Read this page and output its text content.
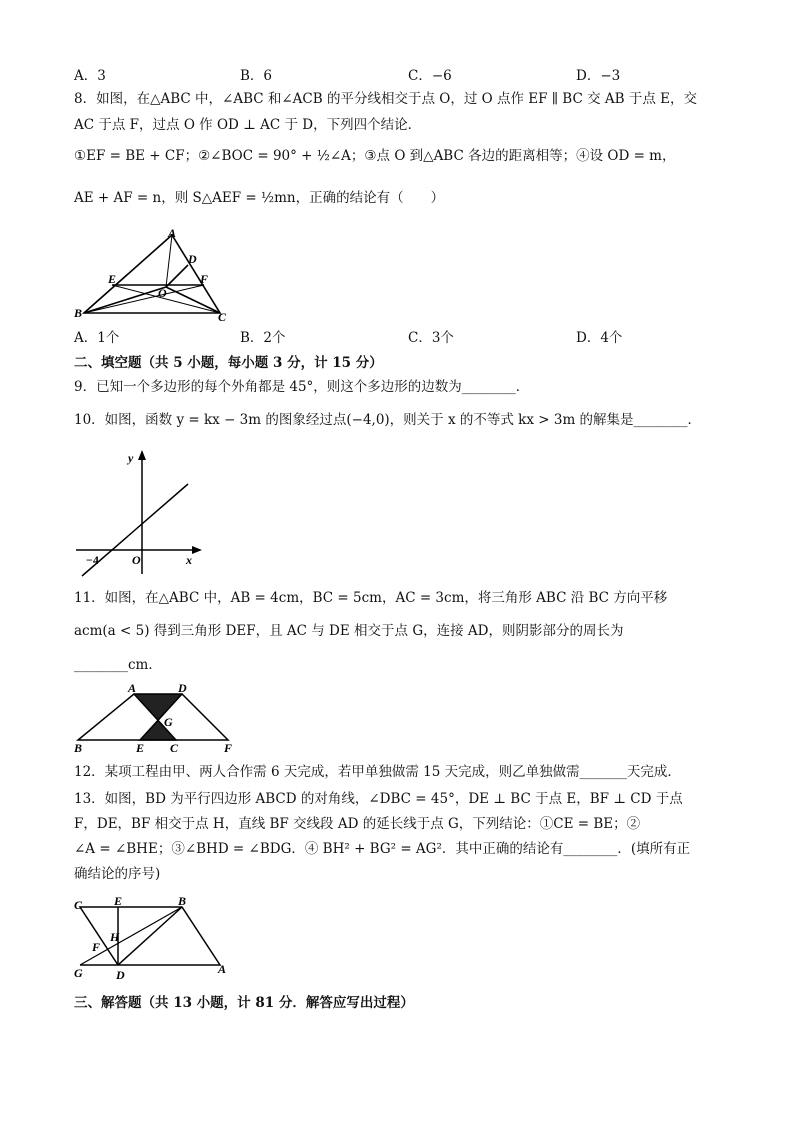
A．3	B．6	C．−6	D．−3
8．如图，在△ABC 中，∠ABC 和∠ACB 的平分线相交于点 O，过 O 点作 EF ∥ BC 交 AB 于点 E，交
AC 于点 F，过点 O 作 OD ⊥ AC 于 D，下列四个结论．
①EF = BE + CF；②∠BOC = 90° + ½∠A；③点 O 到△ABC 各边的距离相等；④设 OD = m，
AE + AF = n，则 S△AEF = ½mn，正确的结论有（　　）
A
D
E	F
O
B	C
A．1个	B．2个	C．3个	D．4个
二、填空题（共 5 小题，每小题 3 分，计 15 分）
9．已知一个多边形的每个外角都是 45°，则这个多边形的边数为________．
10．如图，函数 y = kx − 3m 的图象经过点(−4,0)，则关于 x 的不等式 kx > 3m 的解集是________．
y
−4	O	x
11．如图，在△ABC 中，AB = 4cm，BC = 5cm，AC = 3cm，将三角形 ABC 沿 BC 方向平移
acm(a < 5) 得到三角形 DEF，且 AC 与 DE 相交于点 G，连接 AD，则阴影部分的周长为
________cm．
A	D
G
B	E C	F
12．某项工程由甲、两人合作需 6 天完成，若甲单独做需 15 天完成，则乙单独做需_______天完成．
13．如图，BD 为平行四边形 ABCD 的对角线，∠DBC = 45°，DE ⊥ BC 于点 E，BF ⊥ CD 于点
F，DE，BF 相交于点 H，直线 BF 交线段 AD 的延长线于点 G，下列结论：①CE = BE；②
∠A = ∠BHE；③∠BHD = ∠BDG．④ BH² + BG² = AG²．其中正确的结论有________．(填所有正
确结论的序号)
C	E	B
F
H
G	D	A
三、解答题（共 13 小题，计 81 分．解答应写出过程）
